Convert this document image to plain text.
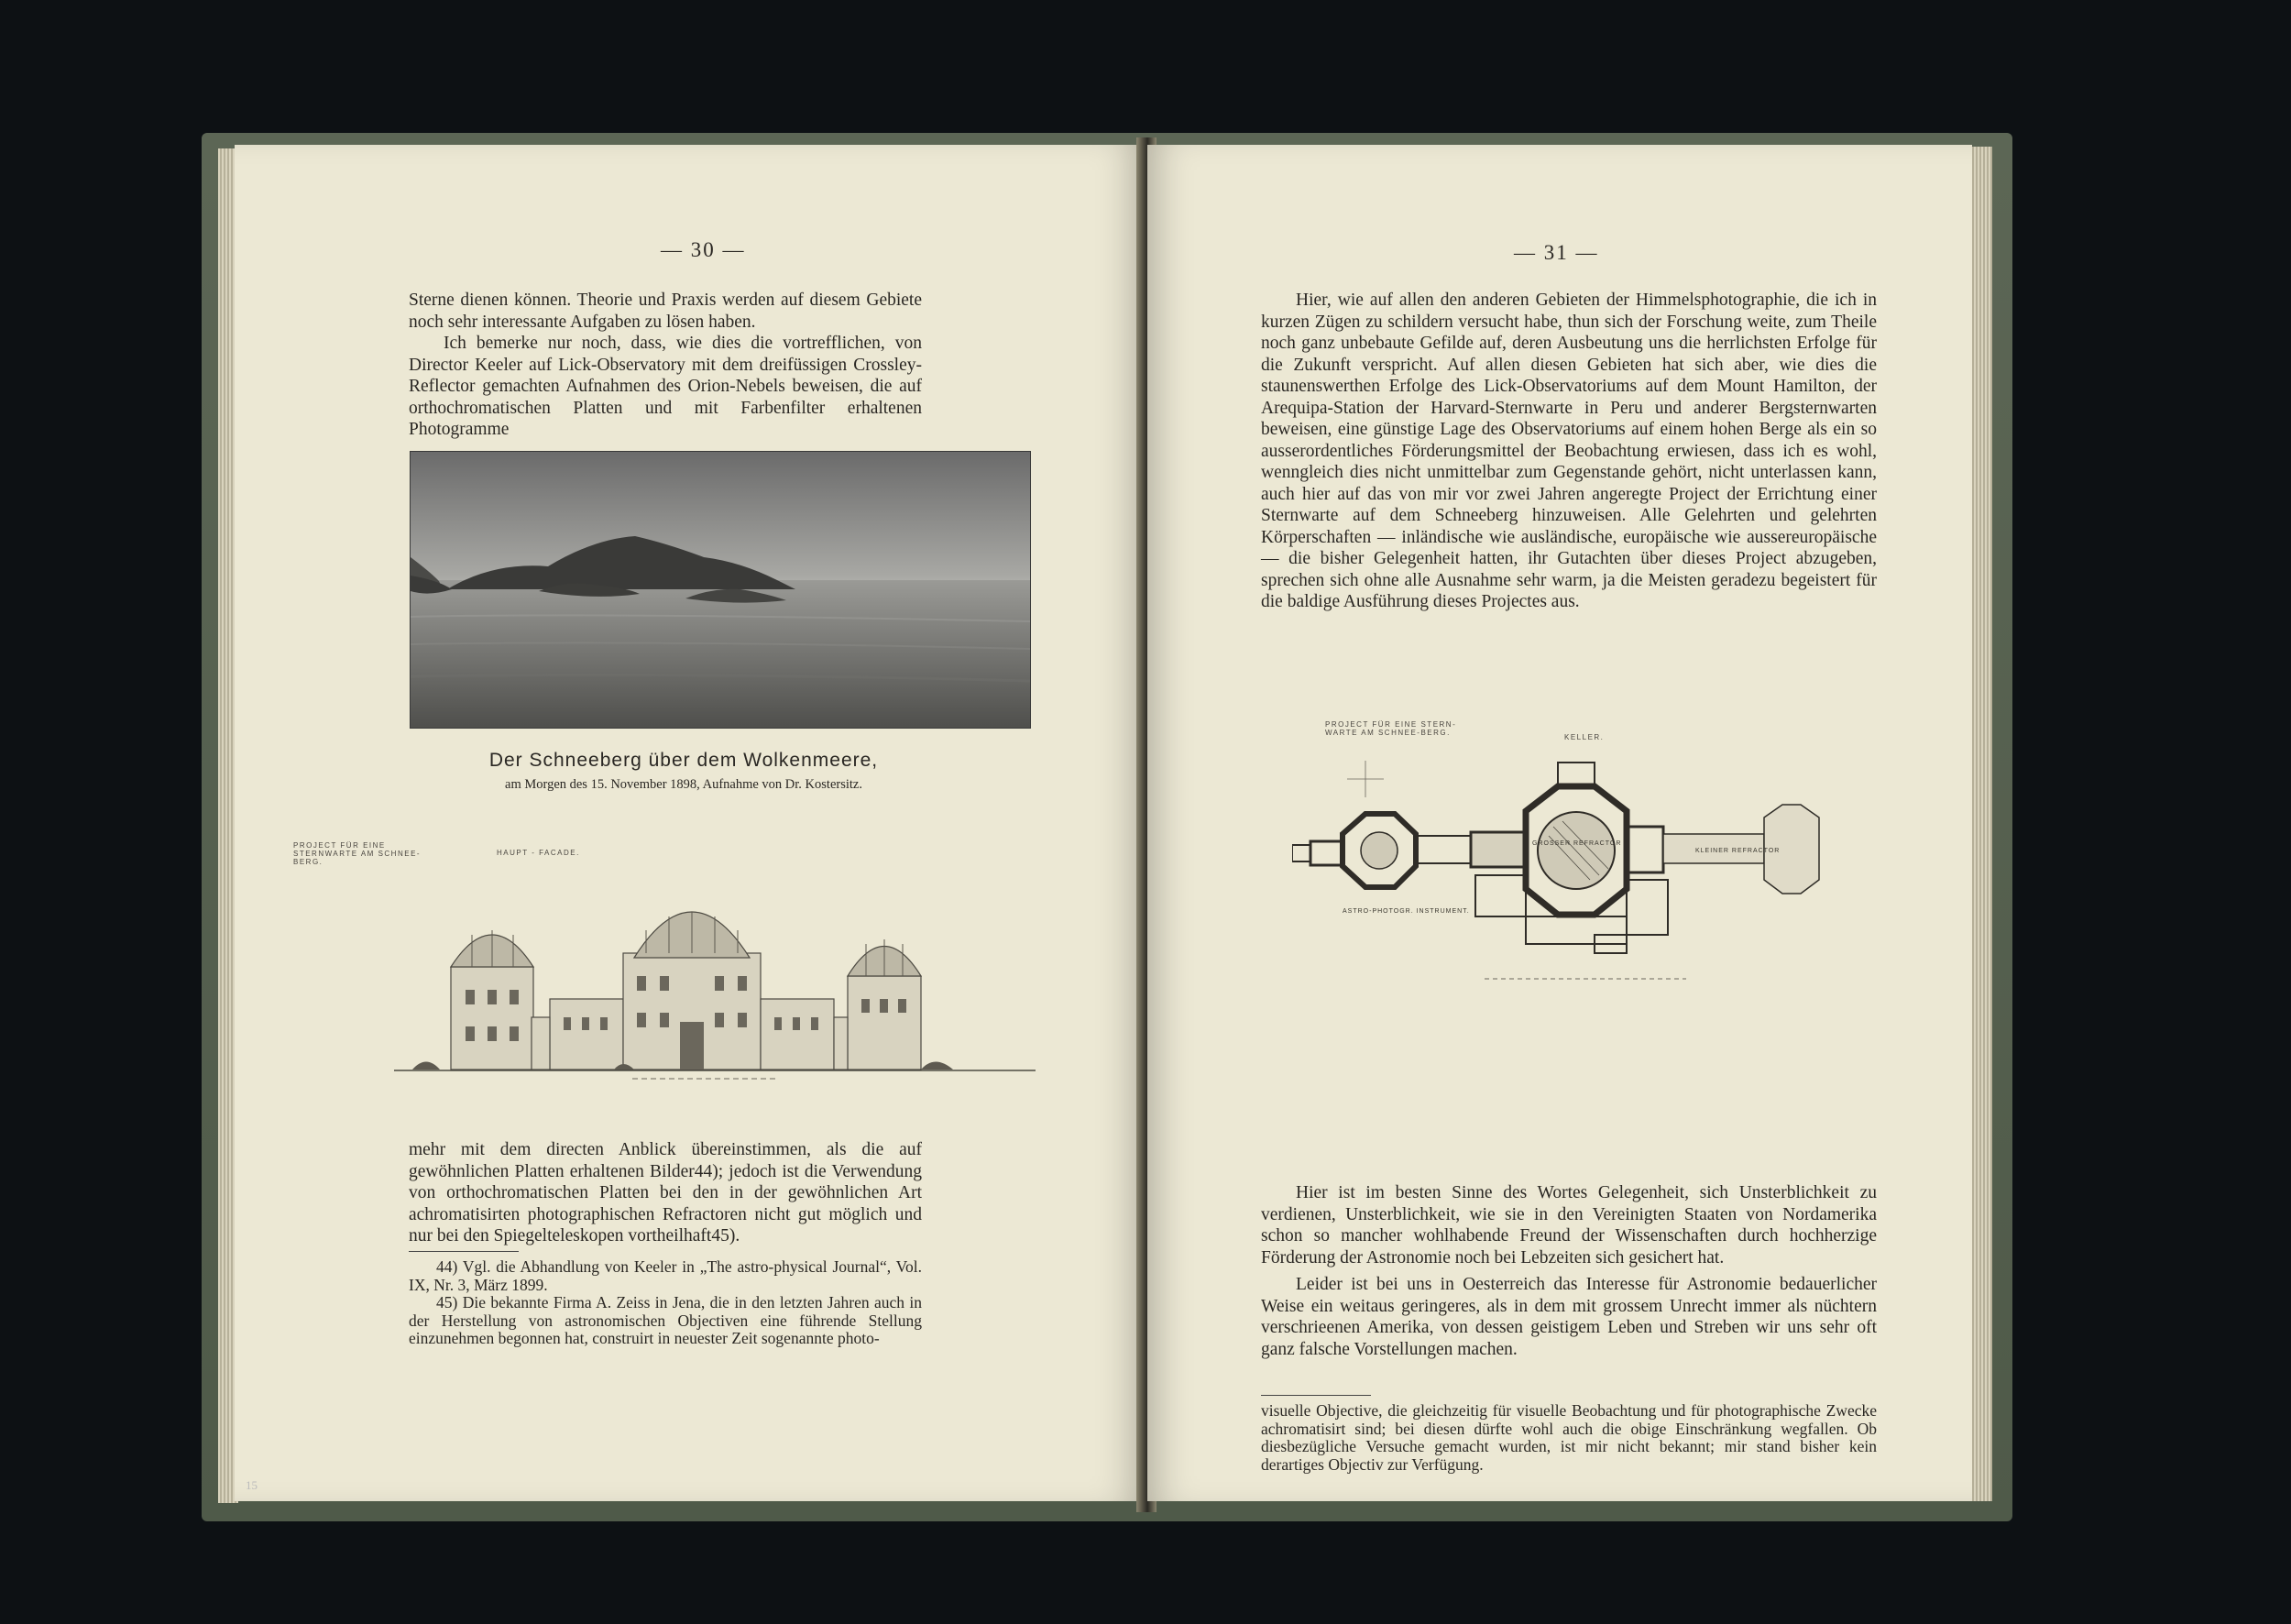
— 30 —

Sterne dienen können. Theorie und Praxis werden auf diesem Gebiete noch sehr interessante Aufgaben zu lösen haben.

Ich bemerke nur noch, dass, wie dies die vortrefflichen, von Director Keeler auf Lick-Observatory mit dem dreifüssigen Crossley-Reflector gemachten Aufnahmen des Orion-Nebels beweisen, die auf orthochromatischen Platten und mit Farbenfilter erhaltenen Photogramme

Der Schneeberg über dem Wolkenmeere,
am Morgen des 15. November 1898, Aufnahme von Dr. Kostersitz.
PROJECT FÜR EINE STERNWARTE AM SCHNEE-BERG.
HAUPT - FACADE.
mehr mit dem directen Anblick übereinstimmen, als die auf gewöhnlichen Platten erhaltenen Bilder44); jedoch ist die Verwendung von orthochromatischen Platten bei den in der gewöhnlichen Art achromatisirten photographischen Refractoren nicht gut möglich und nur bei den Spiegelteleskopen vortheilhaft45).

44) Vgl. die Abhandlung von Keeler in „The astro-physical Journal“, Vol. IX, Nr. 3, März 1899.

45) Die bekannte Firma A. Zeiss in Jena, die in den letzten Jahren auch in der Herstellung von astronomischen Objectiven eine führende Stellung einzunehmen begonnen hat, construirt in neuester Zeit sogenannte photo-

15
— 31 —

Hier, wie auf allen den anderen Gebieten der Himmelsphotographie, die ich in kurzen Zügen zu schildern versucht habe, thun sich der Forschung weite, zum Theile noch ganz unbebaute Gefilde auf, deren Ausbeutung uns die herrlichsten Erfolge für die Zukunft verspricht. Auf allen diesen Gebieten hat sich aber, wie dies die staunenswerthen Erfolge des Lick-Observatoriums auf dem Mount Hamilton, der Arequipa-Station der Harvard-Sternwarte in Peru und anderer Bergsternwarten beweisen, eine günstige Lage des Observatoriums auf einem hohen Berge als ein so ausserordentliches Förderungsmittel der Beobachtung erwiesen, dass ich es wohl, wenngleich dies nicht unmittelbar zum Gegenstande gehört, nicht unterlassen kann, auch hier auf das von mir vor zwei Jahren angeregte Project der Errichtung einer Sternwarte auf dem Schneeberg hinzuweisen. Alle Gelehrten und gelehrten Körperschaften — inländische wie ausländische, europäische wie aussereuropäische — die bisher Gelegenheit hatten, ihr Gutachten über dieses Project abzugeben, sprechen sich ohne alle Ausnahme sehr warm, ja die Meisten geradezu begeistert für die baldige Ausführung dieses Projectes aus.

PROJECT FÜR EINE STERN-WARTE AM SCHNEE-BERG.
KELLER.

Hier ist im besten Sinne des Wortes Gelegenheit, sich Unsterblichkeit zu verdienen, Unsterblichkeit, wie sie in den Vereinigten Staaten von Nordamerika schon so mancher wohlhabende Freund der Wissenschaften durch hochherzige Förderung der Astronomie noch bei Lebzeiten sich gesichert hat.

Leider ist bei uns in Oesterreich das Interesse für Astronomie bedauerlicher Weise ein weitaus geringeres, als in dem mit grossem Unrecht immer als nüchtern verschrieenen Amerika, von dessen geistigem Leben und Streben wir uns sehr oft ganz falsche Vorstellungen machen.

visuelle Objective, die gleichzeitig für visuelle Beobachtung und für photographische Zwecke achromatisirt sind; bei diesen dürfte wohl auch die obige Einschränkung wegfallen. Ob diesbezügliche Versuche gemacht wurden, ist mir nicht bekannt; mir stand bisher kein derartiges Objectiv zur Verfügung.
GROSSER REFRACTOR
KLEINER REFRACTOR
ASTRO-PHOTOGR. INSTRUMENT.
